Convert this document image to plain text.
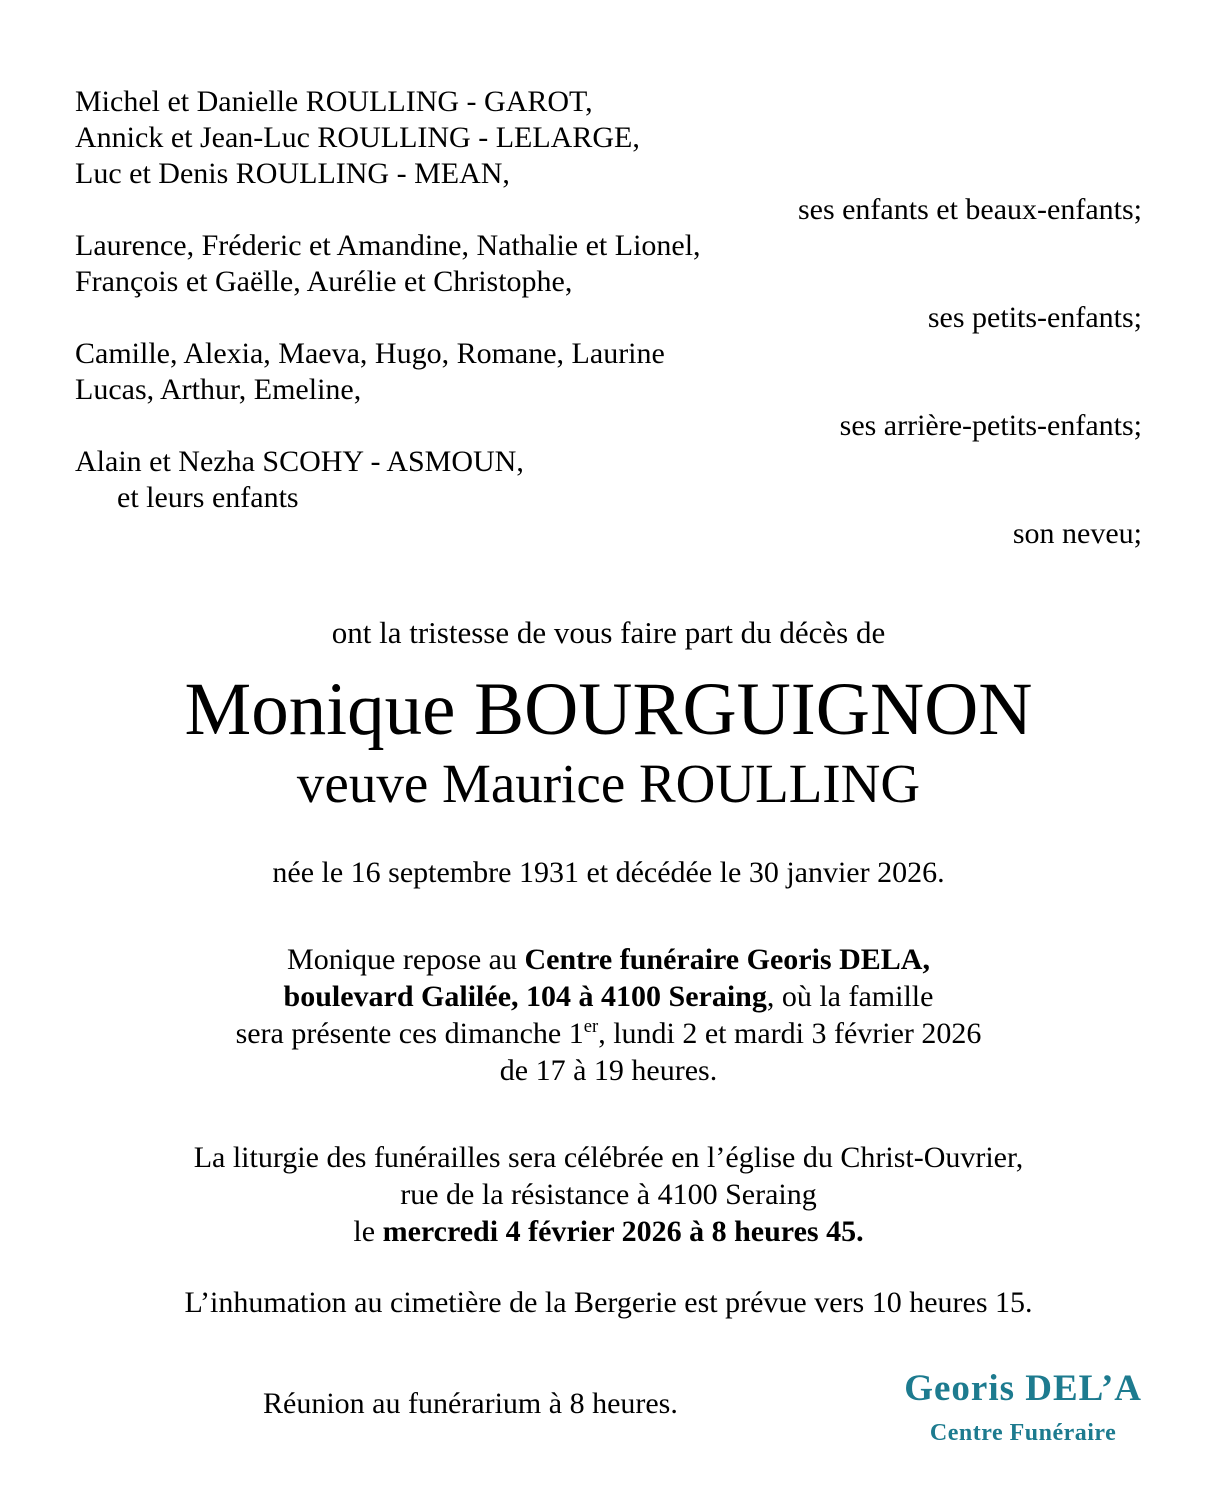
Michel et Danielle ROULLING - GAROT,

Annick et Jean-Luc ROULLING - LELARGE,

Luc et Denis ROULLING - MEAN,

ses enfants et beaux-enfants;

Laurence, Fréderic et Amandine, Nathalie et Lionel,

François et Gaëlle, Aurélie et Christophe,

ses petits-enfants;

Camille, Alexia, Maeva, Hugo, Romane, Laurine

Lucas, Arthur, Emeline,

ses arrière-petits-enfants;

Alain et Nezha SCOHY - ASMOUN,

et leurs enfants

son neveu;

ont la tristesse de vous faire part du décès de

Monique BOURGUIGNON
veuve Maurice ROULLING

née le 16 septembre 1931 et décédée le 30 janvier 2026.

Monique repose au Centre funéraire Georis DELA,

boulevard Galilée, 104 à 4100 Seraing, où la famille

sera présente ces dimanche 1er, lundi 2 et mardi 3 février 2026

de 17 à 19 heures.

La liturgie des funérailles sera célébrée en l’église du Christ-Ouvrier,

rue de la résistance à 4100 Seraing

le mercredi 4 février 2026 à 8 heures 45.

L’inhumation au cimetière de la Bergerie est prévue vers 10 heures 15.

Réunion au funérarium à 8 heures.	Georis DEL’A
Centre Funéraire
